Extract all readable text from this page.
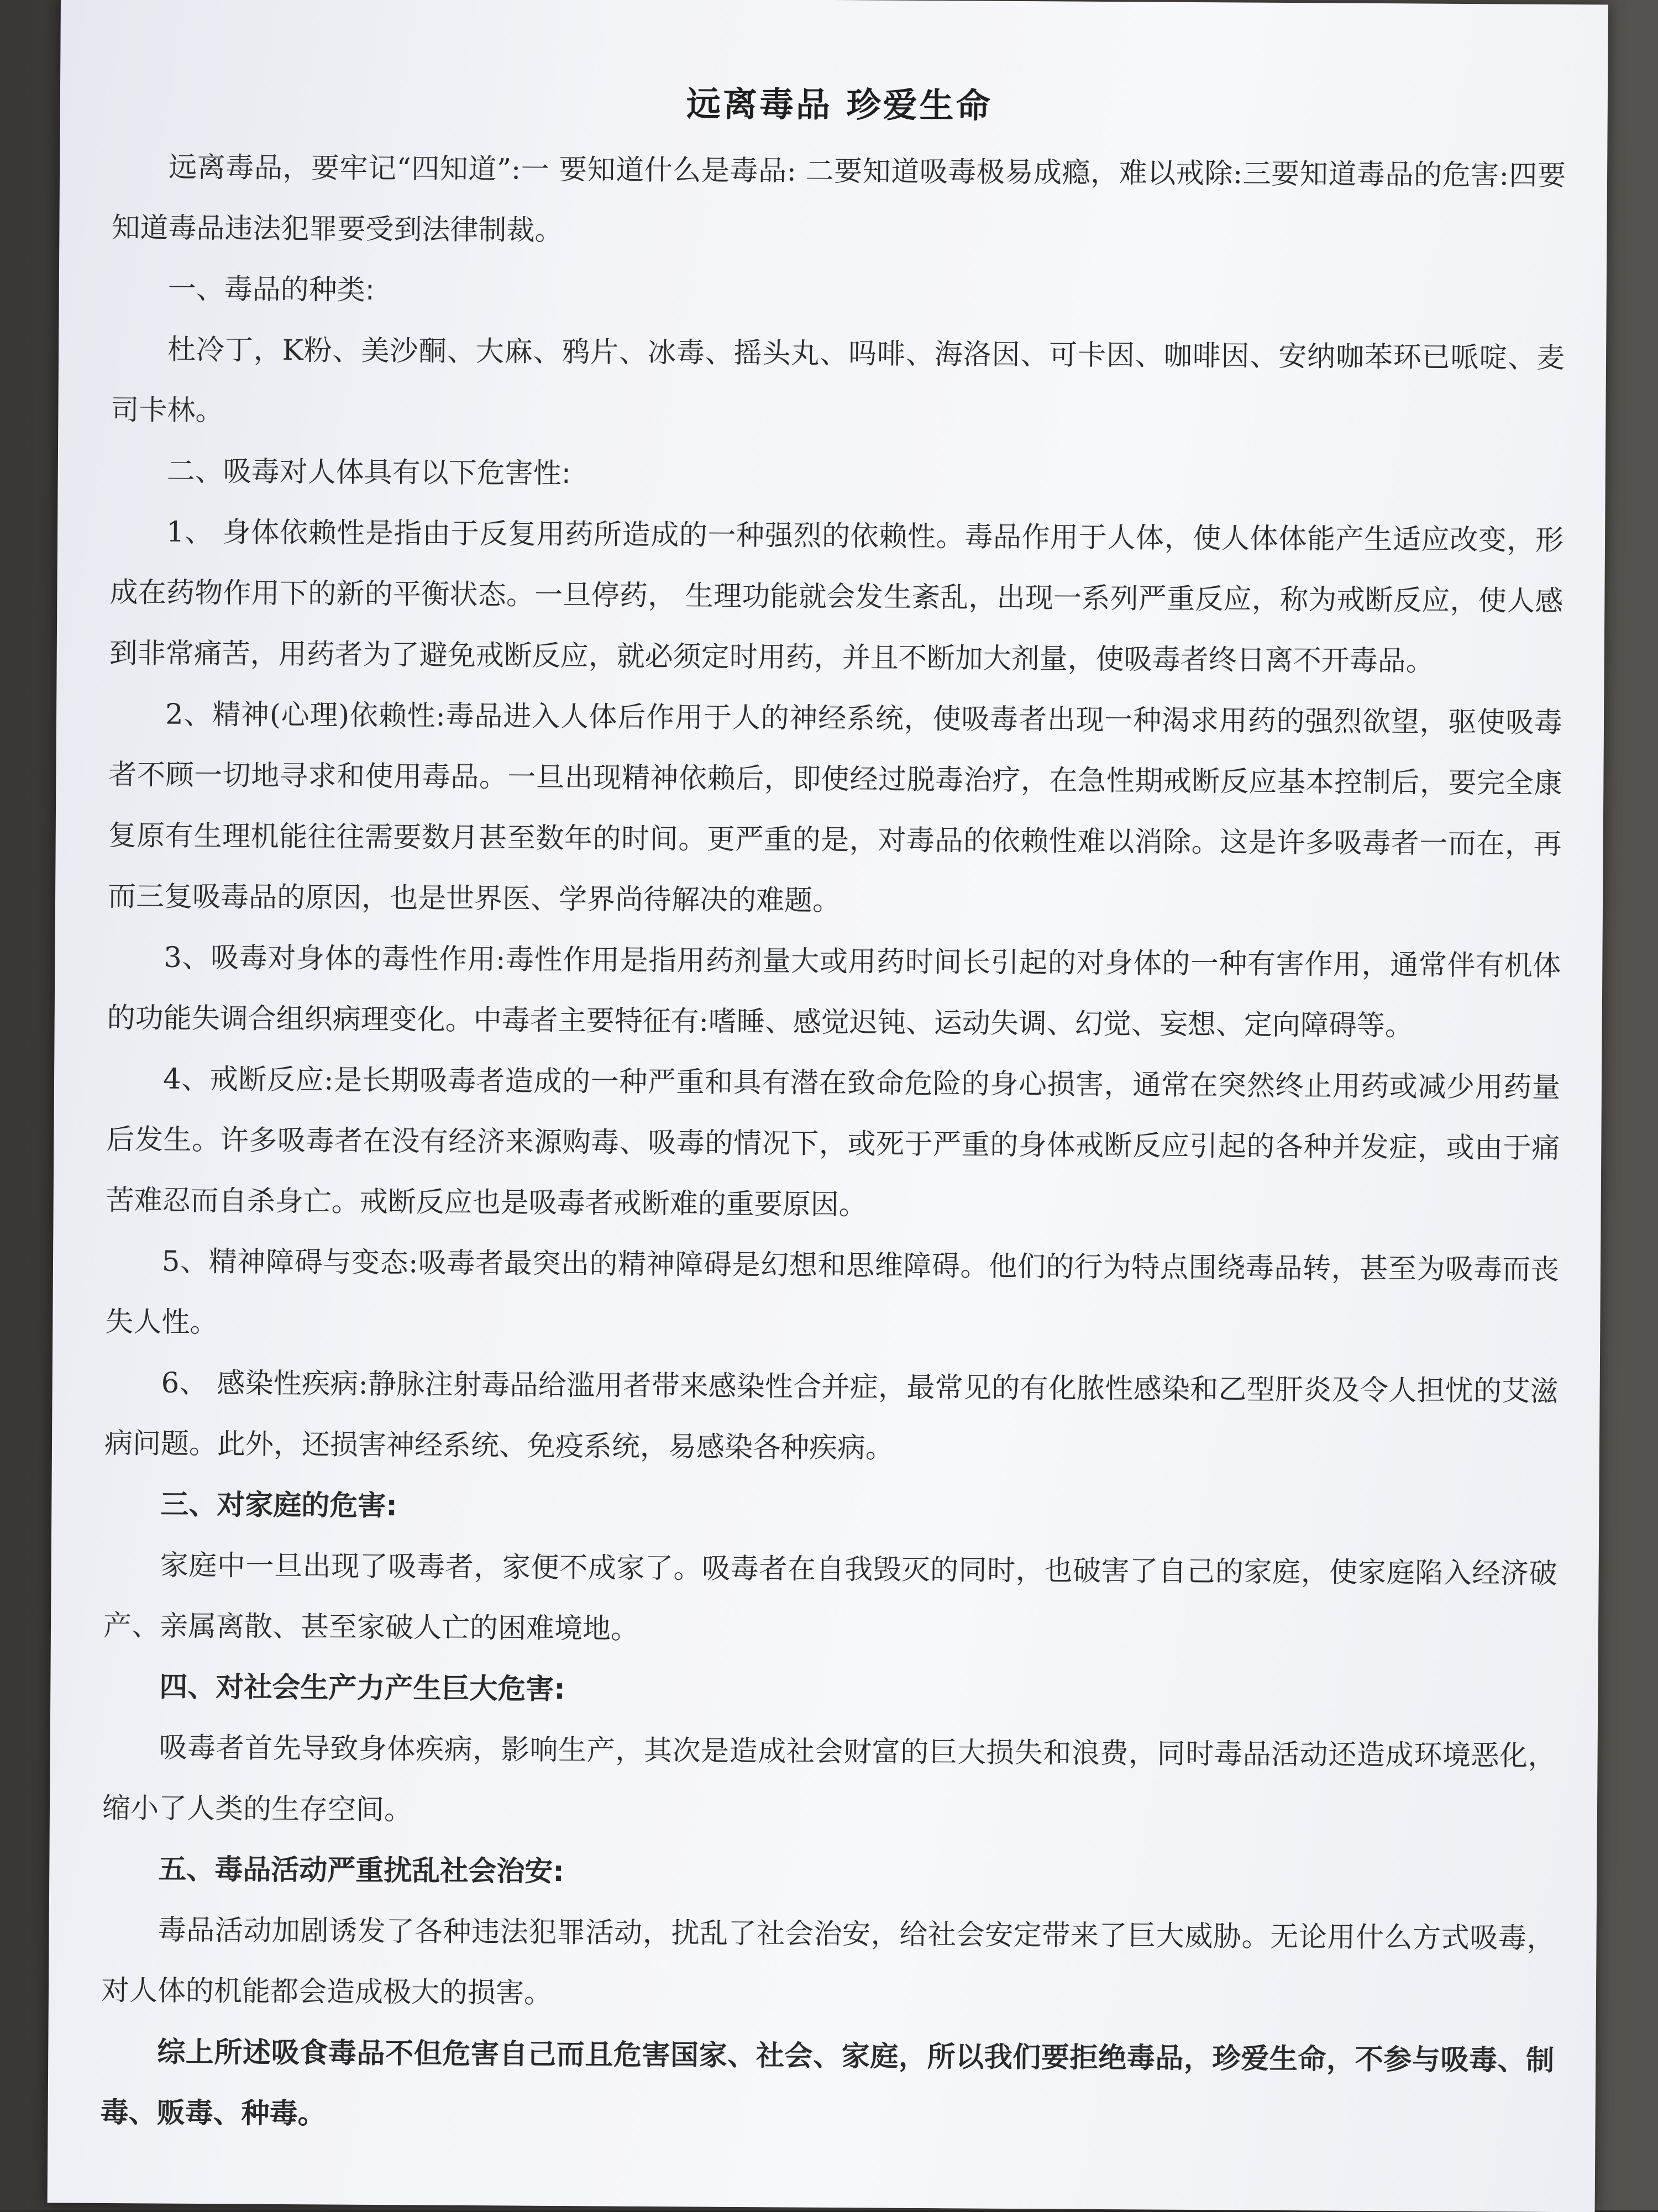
远离毒品 珍爱生命

远离毒品，要牢记“四知道”:一 要知道什么是毒品: 二要知道吸毒极易成瘾，难以戒除:三要知道毒品的危害:四要知道毒品违法犯罪要受到法律制裁。

一、毒品的种类:

杜冷丁，K粉、美沙酮、大麻、鸦片、冰毒、摇头丸、吗啡、海洛因、可卡因、咖啡因、安纳咖苯环已哌啶、麦司卡林。

二、吸毒对人体具有以下危害性:

1、 身体依赖性是指由于反复用药所造成的一种强烈的依赖性。毒品作用于人体，使人体体能产生适应改变，形成在药物作用下的新的平衡状态。一旦停药， 生理功能就会发生紊乱，出现一系列严重反应，称为戒断反应，使人感到非常痛苦，用药者为了避免戒断反应，就必须定时用药，并且不断加大剂量，使吸毒者终日离不开毒品。

2、精神(心理)依赖性:毒品进入人体后作用于人的神经系统，使吸毒者出现一种渴求用药的强烈欲望，驱使吸毒者不顾一切地寻求和使用毒品。一旦出现精神依赖后，即使经过脱毒治疗，在急性期戒断反应基本控制后，要完全康复原有生理机能往往需要数月甚至数年的时间。更严重的是，对毒品的依赖性难以消除。这是许多吸毒者一而在，再而三复吸毒品的原因，也是世界医、学界尚待解决的难题。

3、吸毒对身体的毒性作用:毒性作用是指用药剂量大或用药时间长引起的对身体的一种有害作用，通常伴有机体的功能失调合组织病理变化。中毒者主要特征有:嗜睡、感觉迟钝、运动失调、幻觉、妄想、定向障碍等。

4、戒断反应:是长期吸毒者造成的一种严重和具有潜在致命危险的身心损害，通常在突然终止用药或减少用药量后发生。许多吸毒者在没有经济来源购毒、吸毒的情况下，或死于严重的身体戒断反应引起的各种并发症，或由于痛苦难忍而自杀身亡。戒断反应也是吸毒者戒断难的重要原因。

5、精神障碍与变态:吸毒者最突出的精神障碍是幻想和思维障碍。他们的行为特点围绕毒品转，甚至为吸毒而丧失人性。

6、 感染性疾病:静脉注射毒品给滥用者带来感染性合并症，最常见的有化脓性感染和乙型肝炎及令人担忧的艾滋病问题。此外，还损害神经系统、免疫系统，易感染各种疾病。

三、对家庭的危害:

家庭中一旦出现了吸毒者，家便不成家了。吸毒者在自我毁灭的同时，也破害了自己的家庭，使家庭陷入经济破产、亲属离散、甚至家破人亡的困难境地。

四、对社会生产力产生巨大危害:

吸毒者首先导致身体疾病，影响生产，其次是造成社会财富的巨大损失和浪费，同时毒品活动还造成环境恶化，缩小了人类的生存空间。

五、毒品活动严重扰乱社会治安:

毒品活动加剧诱发了各种违法犯罪活动，扰乱了社会治安，给社会安定带来了巨大威胁。无论用什么方式吸毒，对人体的机能都会造成极大的损害。

综上所述吸食毒品不但危害自己而且危害国家、社会、家庭，所以我们要拒绝毒品，珍爱生命，不参与吸毒、制毒、贩毒、种毒。
